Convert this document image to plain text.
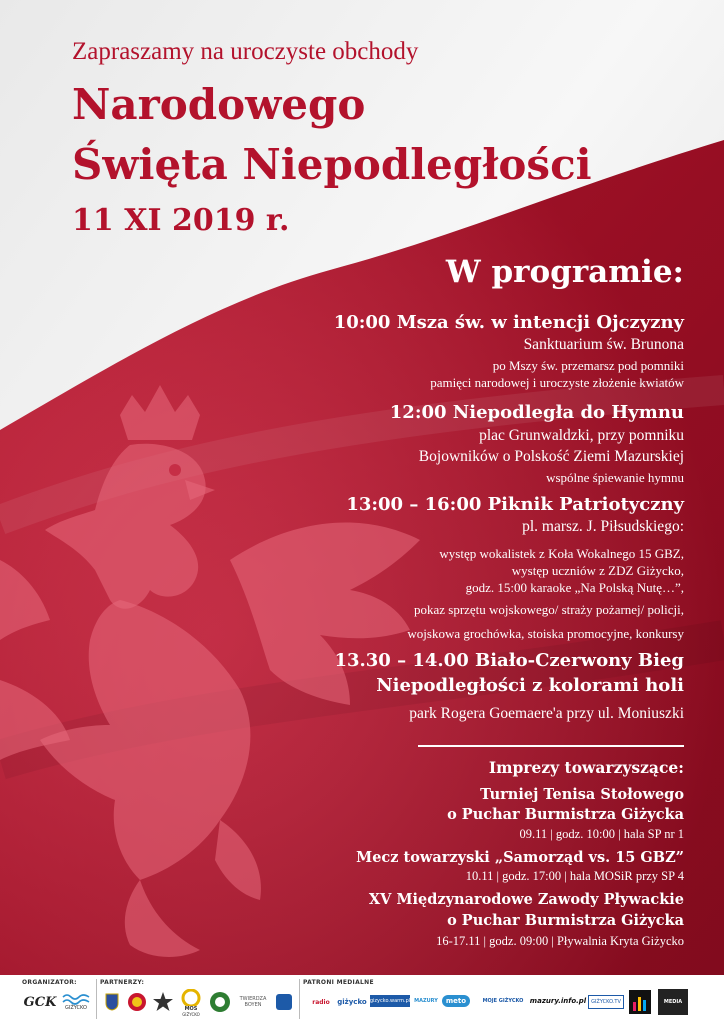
Zapraszamy na uroczyste obchody

Narodowego

Święta Niepodległości

11 XI 2019 r.

W programie:

10:00 Msza św. w intencji Ojczyzny

Sanktuarium św. Brunona

po Mszy św. przemarsz pod pomniki

pamięci narodowej i uroczyste złożenie kwiatów

12:00 Niepodległa do Hymnu

plac Grunwaldzki, przy pomniku

Bojowników o Polskość Ziemi Mazurskiej

wspólne śpiewanie hymnu

13:00 – 16:00 Piknik Patriotyczny

pl. marsz. J. Piłsudskiego:

występ wokalistek z Koła Wokalnego 15 GBZ,

występ uczniów z ZDZ Giżycko,

godz. 15:00 karaoke „Na Polską Nutę…”,

pokaz sprzętu wojskowego/ straży pożarnej/ policji,

wojskowa grochówka, stoiska promocyjne, konkursy

13.30 – 14.00 Biało-Czerwony Bieg

Niepodległości z kolorami holi

park Rogera Goemaere'a przy ul. Moniuszki

Imprezy towarzyszące:

Turniej Tenisa Stołowego

o Puchar Burmistrza Giżycka

09.11 | godz. 10:00 | hala SP nr 1

Mecz towarzyski „Samorząd vs. 15 GBZ”

10.11 | godz. 17:00 | hala MOSiR przy SP 4

XV Międzynarodowe Zawody Pływackie

o Puchar Burmistrza Giżycka

16-17.11 | godz. 09:00 | Pływalnia Kryta Giżycko

ORGANIZATOR:	PARTNERZY:	PATRONI MEDIALNE
GCK	GIŻYCKO	MOS
GIŻYCKO
TWIERDZA BOYEN	radio	giżycko gizycko.warm.pl MAZURY	meto	MOJE GIŻYCKO mazury.info.pl GIŻYCKO.TV	MEDIA
